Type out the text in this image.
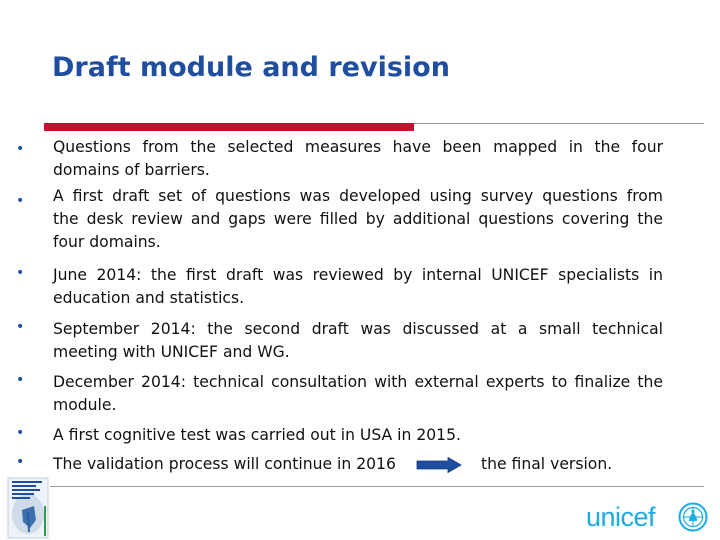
Draft module and revision
• Questions from the selected measures have been mapped in the four
domains of barriers.
• A first draft set of questions was developed using survey questions from
the desk review and gaps were filled by additional questions covering the
four domains.
• June 2014: the first draft was reviewed by internal UNICEF specialists in
education and statistics.
• September 2014: the second draft was discussed at a small technical
meeting with UNICEF and WG.
• December 2014: technical consultation with external experts to finalize the
module.
• A first cognitive test was carried out in USA in 2015.
• The validation process will continue in 2016	the final version.
unicef
